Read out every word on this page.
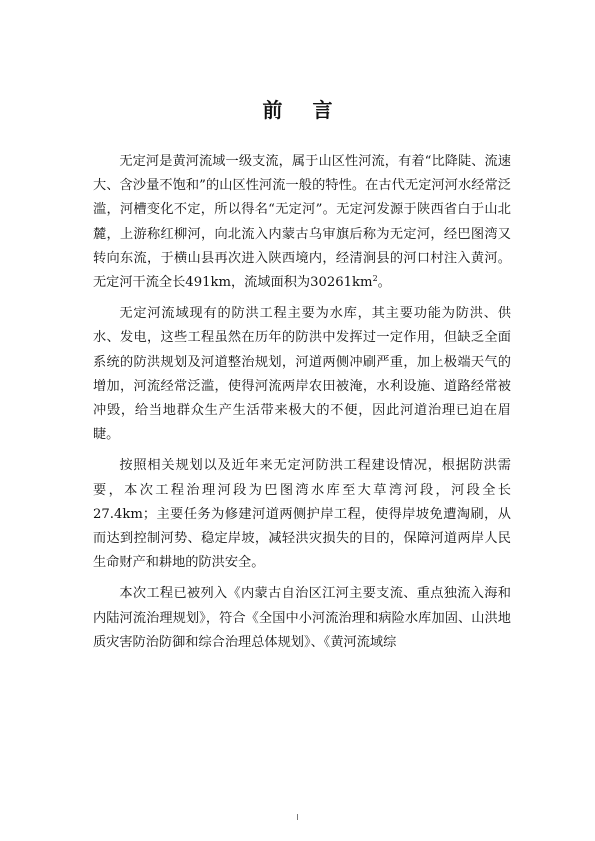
前 言

无定河是黄河流域一级支流，属于山区性河流，有着“比降陡、流速大、含沙量不饱和”的山区性河流一般的特性。在古代无定河河水经常泛滥，河槽变化不定，所以得名“无定河”。无定河发源于陕西省白于山北麓，上游称红柳河，向北流入内蒙古乌审旗后称为无定河，经巴图湾又转向东流，于横山县再次进入陕西境内，经清涧县的河口村注入黄河。无定河干流全长491km，流域面积为$30261km^2$。

无定河流域现有的防洪工程主要为水库，其主要功能为防洪、供水、发电，这些工程虽然在历年的防洪中发挥过一定作用，但缺乏全面系统的防洪规划及河道整治规划，河道两侧冲刷严重，加上极端天气的增加，河流经常泛滥，使得河流两岸农田被淹，水利设施、道路经常被冲毁，给当地群众生产生活带来极大的不便，因此河道治理已迫在眉睫。

按照相关规划以及近年来无定河防洪工程建设情况，根据防洪需要，本次工程治理河段为巴图湾水库至大草湾河段，河段全长27.4km；主要任务为修建河道两侧护岸工程，使得岸坡免遭淘刷，从而达到控制河势、稳定岸坡，减轻洪灾损失的目的，保障河道两岸人民生命财产和耕地的防洪安全。

本次工程已被列入《内蒙古自治区江河主要支流、重点独流入海和内陆河流治理规划》，符合《全国中小河流治理和病险水库加固、山洪地质灾害防治防御和综合治理总体规划》、《黄河流域综

I
